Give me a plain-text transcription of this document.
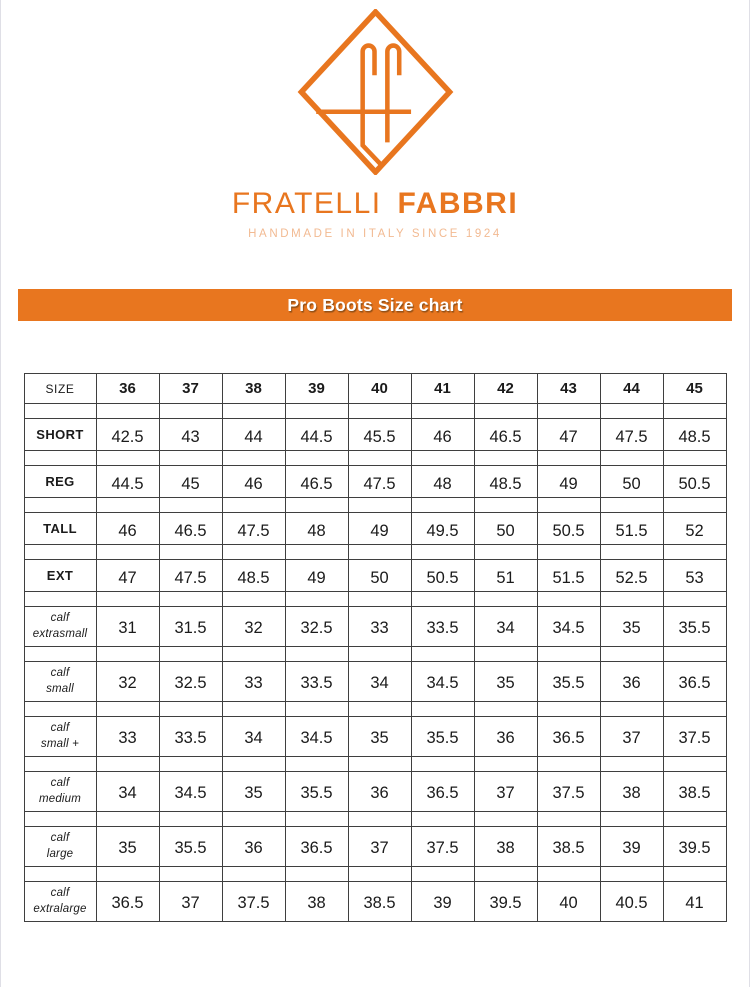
FRATELLI FABBRI
HANDMADE IN ITALY SINCE 1924
Pro Boots Size chart
SIZE	36	37	38	39	40	41	42	43	44	45

SHORT	42.5	43	44	44.5	45.5	46	46.5	47	47.5	48.5

REG	44.5	45	46	46.5	47.5	48	48.5	49	50	50.5

TALL	46	46.5	47.5	48	49	49.5	50	50.5	51.5	52

EXT	47	47.5	48.5	49	50	50.5	51	51.5	52.5	53

calf
extrasmall	31	31.5	32	32.5	33	33.5	34	34.5	35	35.5

calf
small	32	32.5	33	33.5	34	34.5	35	35.5	36	36.5

calf
small +	33	33.5	34	34.5	35	35.5	36	36.5	37	37.5

calf
medium	34	34.5	35	35.5	36	36.5	37	37.5	38	38.5

calf
large	35	35.5	36	36.5	37	37.5	38	38.5	39	39.5

calf
extralarge	36.5	37	37.5	38	38.5	39	39.5	40	40.5	41
